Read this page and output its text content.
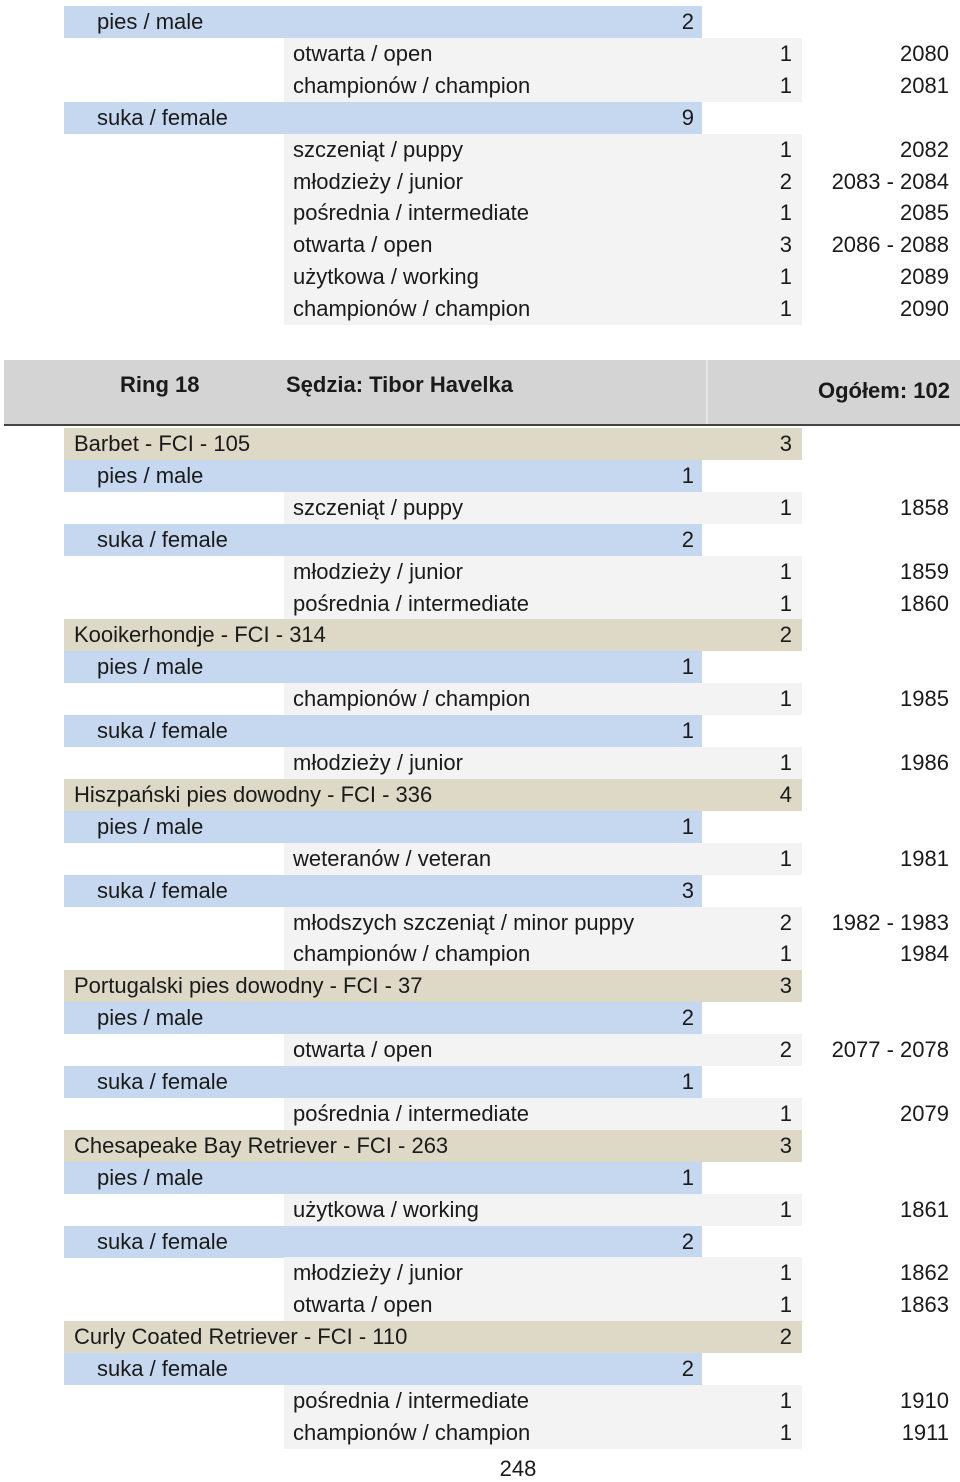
pies / male	2
otwarta / open	1	2080
championów / champion	1	2081
suka / female	9
szczeniąt / puppy	1	2082
młodzieży / junior	2	2083 - 2084
pośrednia / intermediate	1	2085
otwarta / open	3	2086 - 2088
użytkowa / working	1	2089
championów / champion	1	2090
Ring 18	Sędzia: Tibor Havelka	Ogółem: 102
Barbet - FCI - 105	3
pies / male	1
szczeniąt / puppy	1	1858
suka / female	2
młodzieży / junior	1	1859
pośrednia / intermediate	1	1860
Kooikerhondje - FCI - 314	2
pies / male	1
championów / champion	1	1985
suka / female	1
młodzieży / junior	1	1986
Hiszpański pies dowodny - FCI - 336	4
pies / male	1
weteranów / veteran	1	1981
suka / female	3
młodszych szczeniąt / minor puppy	2	1982 - 1983
championów / champion	1	1984
Portugalski pies dowodny - FCI - 37	3
pies / male	2
otwarta / open	2	2077 - 2078
suka / female	1
pośrednia / intermediate	1	2079
Chesapeake Bay Retriever - FCI - 263	3
pies / male	1
użytkowa / working	1	1861
suka / female	2
młodzieży / junior	1	1862
otwarta / open	1	1863
Curly Coated Retriever - FCI - 110	2
suka / female	2
pośrednia / intermediate	1	1910
championów / champion	1	1911
248
